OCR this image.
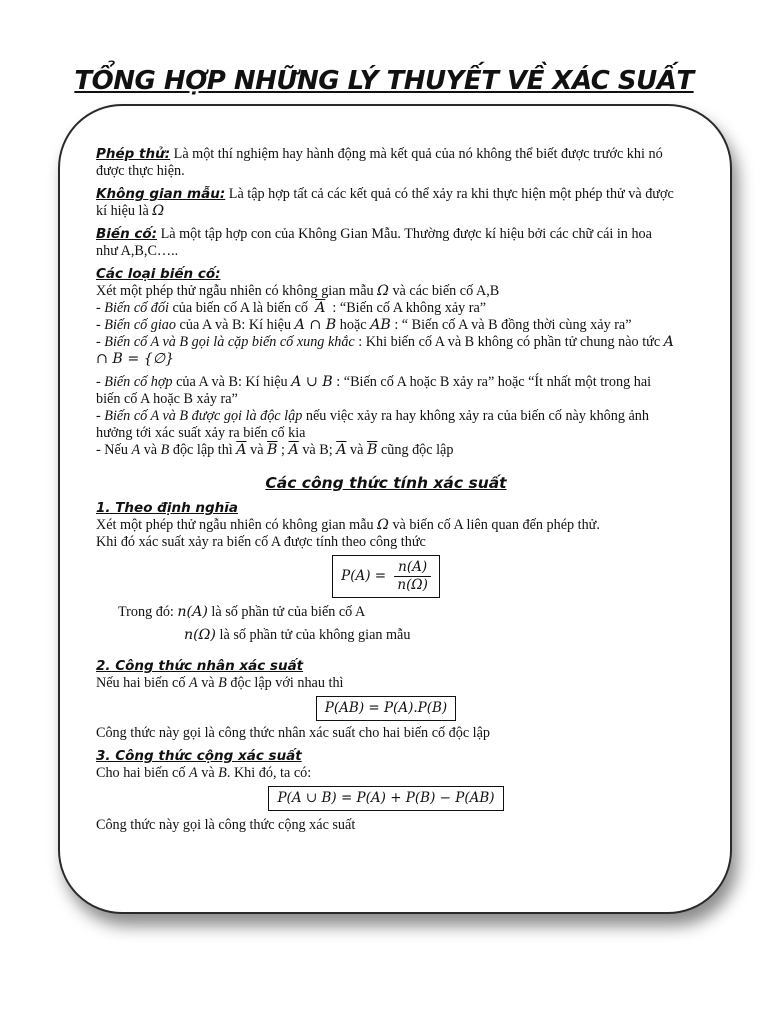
TỔNG HỢP NHỮNG LÝ THUYẾT VỀ XÁC SUẤT

Phép thử: Là một thí nghiệm hay hành động mà kết quả của nó không thể biết được trước khi nó được thực hiện.

Không gian mẫu: Là tập hợp tất cả các kết quả có thể xảy ra khi thực hiện một phép thử và được kí hiệu là Ω

Biến cố: Là một tập hợp con của Không Gian Mẫu. Thường được kí hiệu bởi các chữ cái in hoa như A,B,C…..

Các loại biến cố:

Xét một phép thử ngẫu nhiên có không gian mẫu Ω và các biến cố A,B

- Biến cố đối của biến cố A là biến cố  $\overline{A}$  : “Biến cố A không xảy ra”

- Biến cố giao của A và B: Kí hiệu A ∩ B hoặc AB : “ Biến cố A và B đồng thời cùng xảy ra”

- Biến cố A và B gọi là cặp biến cố xung khắc : Khi biến cố A và B không có phần tử chung nào tức A ∩ B = {∅}

- Biến cố hợp của A và B: Kí hiệu A ∪ B : “Biến cố A hoặc B xảy ra” hoặc “Ít nhất một trong hai biến cố A hoặc B xảy ra”

- Biến cố A và B được gọi là độc lập nếu việc xảy ra hay không xảy ra của biến cố này không ảnh hưởng tới xác suất xảy ra biến cố kia

- Nếu A và B độc lập thì $\overline{A}$ và $\overline{B}$ ; $\overline{A}$ và B; $\overline{A}$ và $\overline{B}$ cũng độc lập

Các công thức tính xác suất

1. Theo định nghĩa

Xét một phép thử ngẫu nhiên có không gian mẫu Ω và biến cố A liên quan đến phép thử.

Khi đó xác suất xảy ra biến cố A được tính theo công thức

$P(A) = \frac{n(A)}{n(\Omega)}$

Trong đó: n(A) là số phần tử của biến cố A

n(Ω) là số phần tử của không gian mẫu

2. Công thức nhân xác suất

Nếu hai biến cố A và B độc lập với nhau thì

P(AB) = P(A).P(B)

Công thức này gọi là công thức nhân xác suất cho hai biến cố độc lập

3. Công thức cộng xác suất

Cho hai biến cố A và B. Khi đó, ta có:

P(A ∪ B) = P(A) + P(B) − P(AB)

Công thức này gọi là công thức cộng xác suất
